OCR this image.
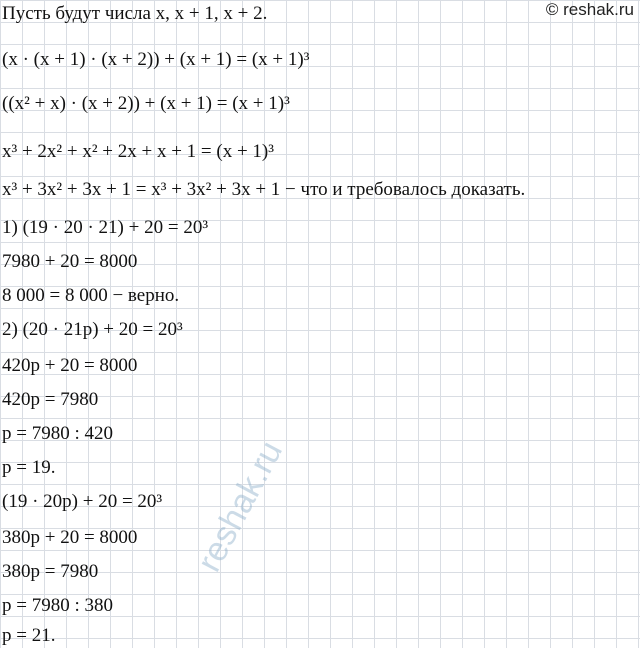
© reshak.ru
reshak.ru
Пусть будут числа x, x + 1, x + 2.
(x · (x + 1) · (x + 2)) + (x + 1) = (x + 1)³
((x² + x) · (x + 2)) + (x + 1) = (x + 1)³
x³ + 2x² + x² + 2x + x + 1 = (x + 1)³
x³ + 3x² + 3x + 1 = x³ + 3x² + 3x + 1 − что и требовалось доказать.
1) (19 · 20 · 21) + 20 = 20³
7980 + 20 = 8000
8 000 = 8 000 − верно.
2) (20 · 21p) + 20 = 20³
420p + 20 = 8000
420p = 7980
p = 7980 : 420
p = 19.
(19 · 20p) + 20 = 20³
380p + 20 = 8000
380p = 7980
p = 7980 : 380
p = 21.
